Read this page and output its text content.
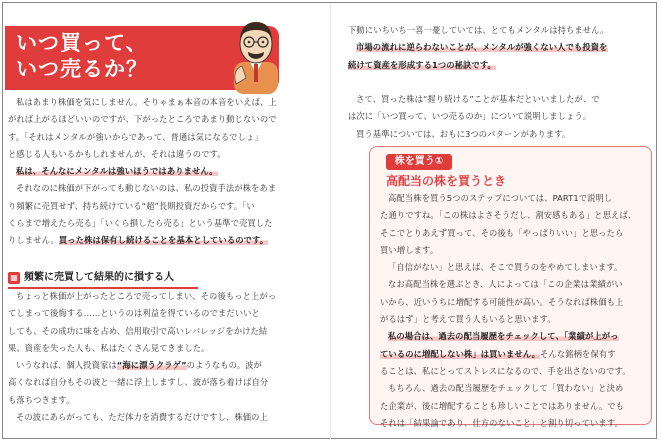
いつ買って、
いつ売るか？

私はあまり株価を気にしません。そりゃまぁ本音の本音をいえば、上

がれば上がるほどいいのですが、下がったところであまり動じないので

す。「それはメンタルが強いからであって、普通は気になるでしょ」

と感じる人もいるかもしれませんが、それは違うのです。

私は、そんなにメンタルは強いほうではありません。

それなのに株価が下がっても動じないのは、私の投資手法が株をあま

り頻繁に売買せず、持ち続けている“超”長期投資だからです。「い

くらまで増えたら売る」「いくら損したら売る」という基準で売買した

りしません。買った株は保有し続けることを基本としているのです。

▦ 頻繁に売買して結果的に損する人

ちょっと株価が上がったところで売ってしまい、その後もっと上がっ

てしまって後悔する……というのは利益を得ているのでまだいいと

しても、その成功に味を占め、信用取引で高いレバレッジをかけた結

果、資産を失った人も、私はたくさん見てきました。

いうなれば、個人投資家は“海に漂うクラゲ”のようなもの。波が

高くなれば自分もその波と一緒に浮上しますし、波が落ち着けば自分

も落ちつきます。

その波にあらがっても、ただ体力を消費するだけですし、株価の上

下動にいちいち一喜一憂していては、とてもメンタルは持ちません。

市場の流れに逆らわないことが、メンタルが強くない人でも投資を

続けて資産を形成する1つの秘訣です。

さて、買った株は“握り続ける”ことが基本だといいましたが、で

は次に「いつ買って、いつ売るのか」について説明しましょう。

買う基準については、おもに3つのパターンがあります。

株を買う①
高配当の株を買うとき

高配当株を買う5つのステップについては、PART1で説明し

た通りですね。「この株はよさそうだし、割安感もある」と思えば、

そこでとりあえず買って、その後も「やっぱりいい」と思ったら

買い増します。

「自信がない」と思えば、そこで買うのをやめてしまいます。

なお高配当株を選ぶとき、人によっては「この企業は業績がい

いから、近いうちに増配する可能性が高い。そうなれば株価も上

がるはず」と考えて買う人もいると思います。

私の場合は、過去の配当履歴をチェックして、「業績が上がっ

ているのに増配しない株」は買いません。そんな銘柄を保有す

ることは、私にとってストレスになるので、手を出さないのです。

もちろん、過去の配当履歴をチェックして「買わない」と決め

た企業が、後に増配することも珍しいことではありません。でも

それは「結果論であり、仕方のないこと」と割り切っています。
